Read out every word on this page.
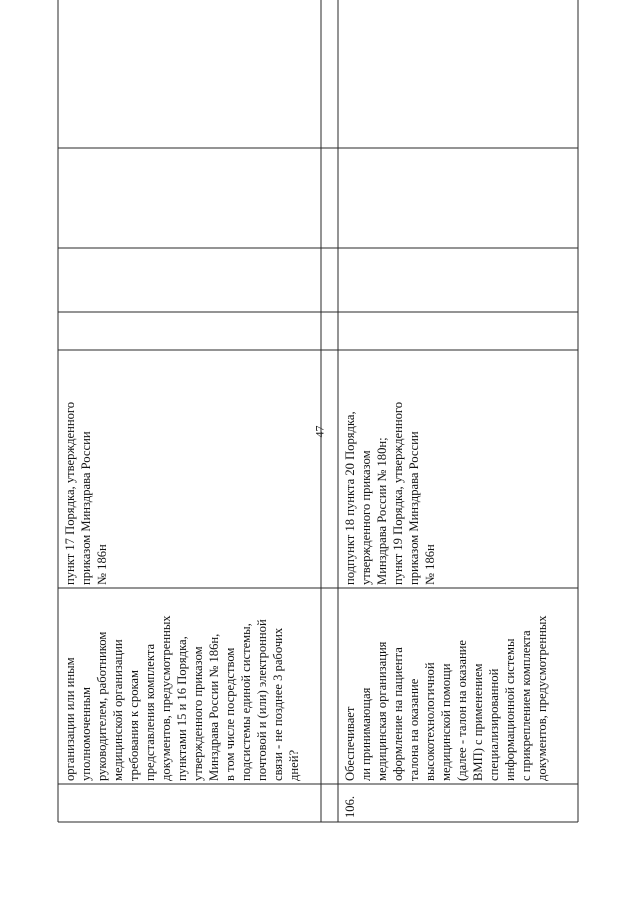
47
организации или иным уполномоченным руководителем, работником медицинской организации требования к срокам представления комплекта документов, предусмотренных пунктами 15 и 16 Порядка, утвержденного приказом Минздрава России № 186н, в том числе посредством подсистемы единой системы, почтовой и (или) электронной связи - не позднее 3 рабочих дней?
пункт 17 Порядка, утвержденного приказом Минздрава России № 186н
106.
Обеспечивает ли принимающая медицинская организация оформление на пациента талона на оказание высокотехнологичной медицинской помощи (далее - талон на оказание ВМП) с применением специализированной информационной системы с прикреплением комплекта документов, предусмотренных
подпункт 18 пункта 20 Порядка, утвержденного приказом Минздрава России № 180н; пункт 19 Порядка, утвержденного приказом Минздрава России № 186н
